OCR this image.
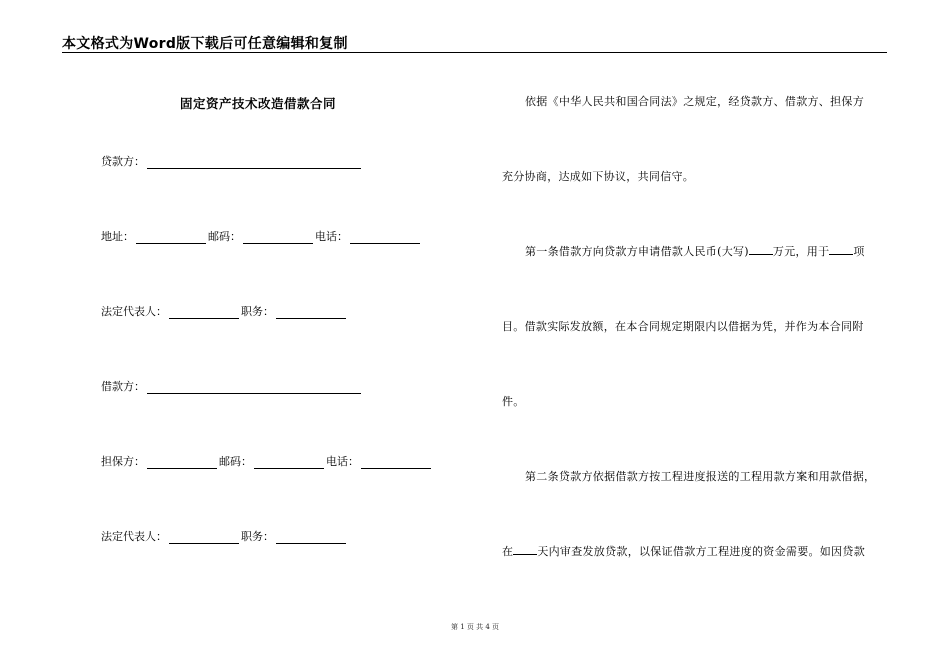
本文格式为Word版下载后可任意编辑和复制
固定资产技术改造借款合同
贷款方：
地址：	邮码：	电话：
法定代表人：	职务：
借款方：
担保方：	邮码：	电话：
法定代表人：	职务：
依据《中华人民共和国合同法》之规定，经贷款方、借款方、担保方
充分协商，达成如下协议，共同信守。
第一条借款方向贷款方申请借款人民币(大写) 万元，用于 项
目。借款实际发放额，在本合同规定期限内以借据为凭，并作为本合同附
件。
第二条贷款方依据借款方按工程进度报送的工程用款方案和用款借据，
在 天内审查发放贷款，以保证借款方工程进度的资金需要。如因贷款
第 1 页 共 4 页
